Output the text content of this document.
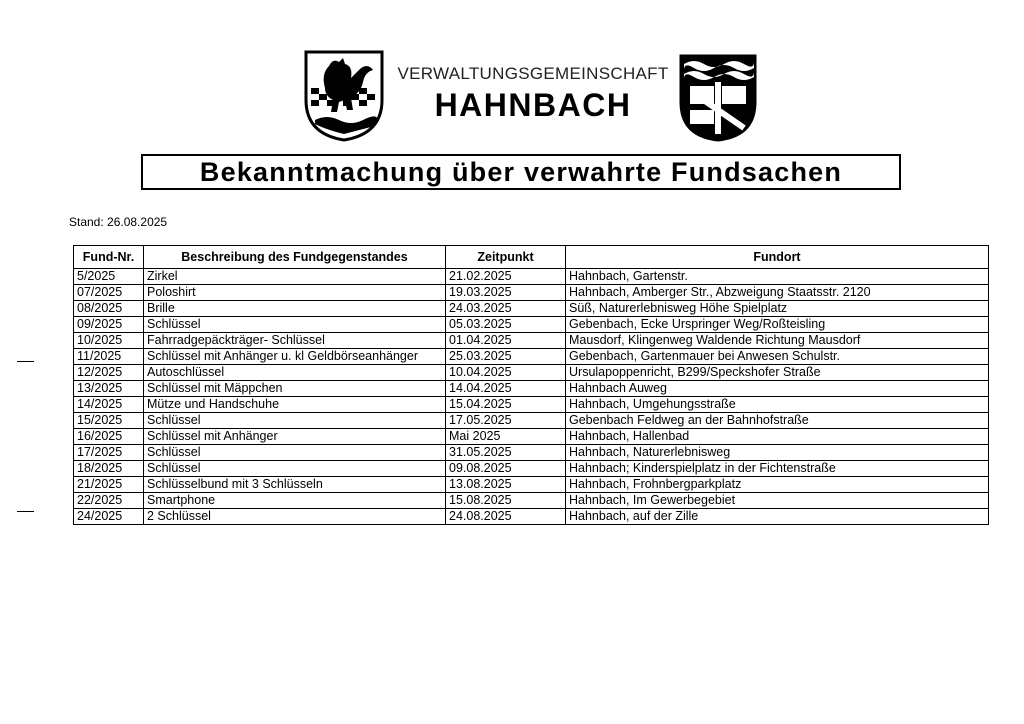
VERWALTUNGSGEMEINSCHAFT
HAHNBACH
Bekanntmachung über verwahrte Fundsachen
Stand: 26.08.2025
Fund-Nr.	Beschreibung des Fundgegenstandes	Zeitpunkt	Fundort
5/2025	Zirkel	21.02.2025	Hahnbach, Gartenstr.
07/2025	Poloshirt	19.03.2025	Hahnbach, Amberger Str., Abzweigung Staatsstr. 2120
08/2025	Brille	24.03.2025	Süß, Naturerlebnisweg Höhe Spielplatz
09/2025	Schlüssel	05.03.2025	Gebenbach, Ecke Urspringer Weg/Roßteisling
10/2025	Fahrradgepäckträger- Schlüssel	01.04.2025	Mausdorf, Klingenweg Waldende Richtung Mausdorf
11/2025	Schlüssel mit Anhänger u. kl Geldbörseanhänger	25.03.2025	Gebenbach, Gartenmauer bei Anwesen Schulstr.
12/2025	Autoschlüssel	10.04.2025	Ursulapoppenricht, B299/Speckshofer Straße
13/2025	Schlüssel mit Mäppchen	14.04.2025	Hahnbach Auweg
14/2025	Mütze und Handschuhe	15.04.2025	Hahnbach, Umgehungsstraße
15/2025	Schlüssel	17.05.2025	Gebenbach Feldweg an der Bahnhofstraße
16/2025	Schlüssel mit Anhänger	Mai 2025	Hahnbach, Hallenbad
17/2025	Schlüssel	31.05.2025	Hahnbach, Naturerlebnisweg
18/2025	Schlüssel	09.08.2025	Hahnbach; Kinderspielplatz in der Fichtenstraße
21/2025	Schlüsselbund mit 3 Schlüsseln	13.08.2025	Hahnbach, Frohnbergparkplatz
22/2025	Smartphone	15.08.2025	Hahnbach, Im Gewerbegebiet
24/2025	2 Schlüssel	24.08.2025	Hahnbach, auf der Zille
